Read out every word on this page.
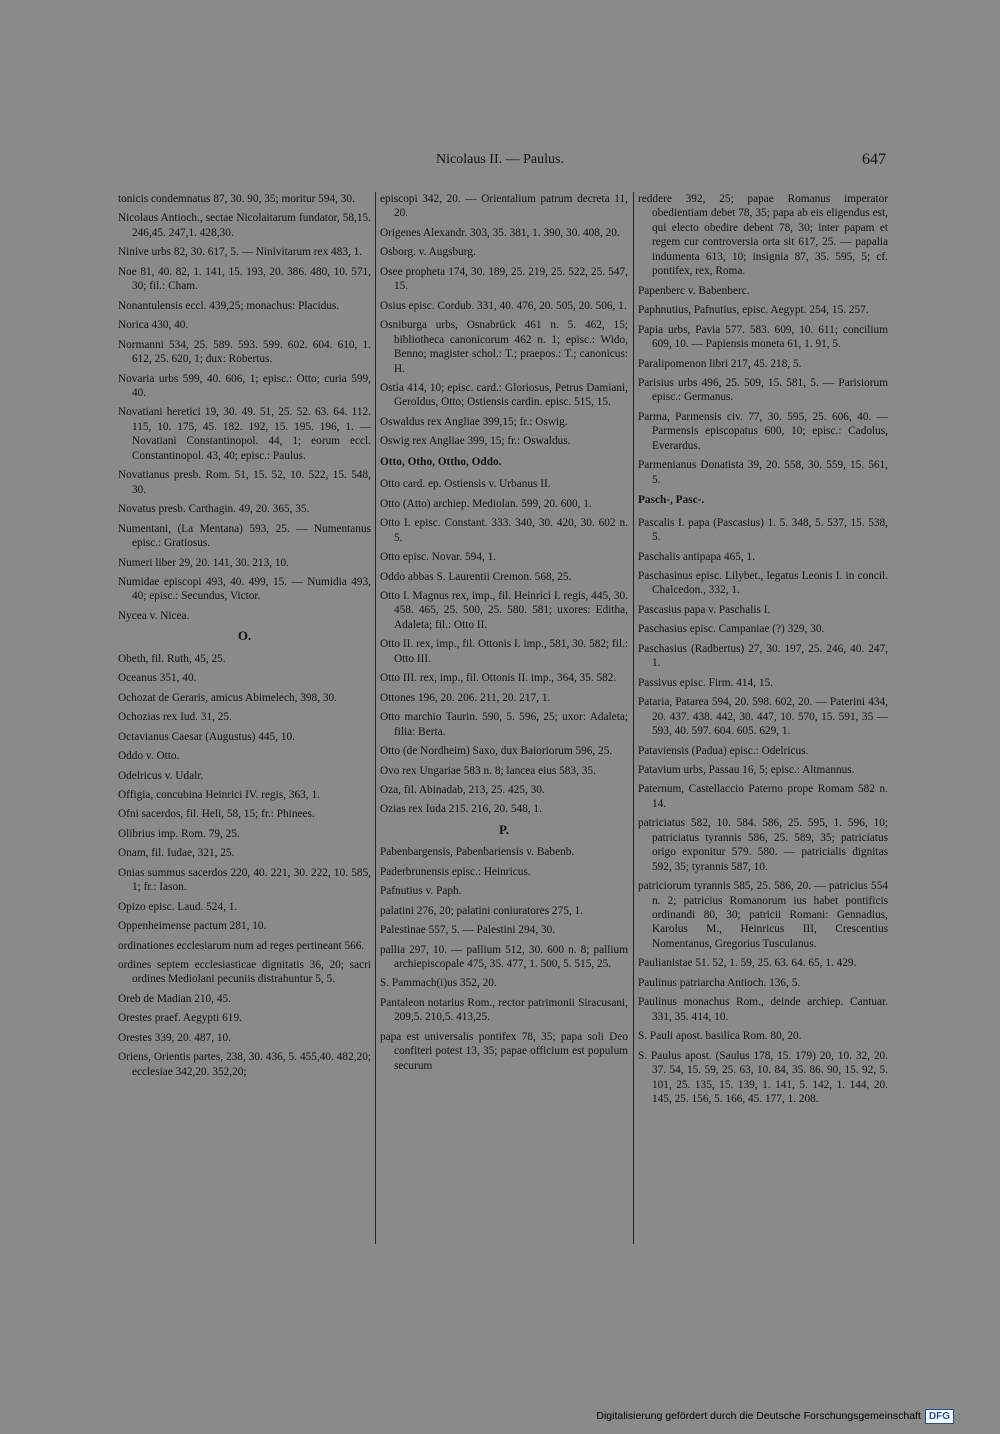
Nicolaus II. — Paulus.	647
tonicis condemnatus 87, 30. 90, 35; moritur 594, 30.
Nicolaus Antioch., sectae Nicolaitarum fundator, 58,15. 246,45. 247,1. 428,30.
Ninive urbs 82, 30. 617, 5. — Ninivitarum rex 483, 1.
Noe 81, 40. 82, 1. 141, 15. 193, 20. 386. 480, 10. 571, 30; fil.: Cham.
Nonantulensis eccl. 439,25; monachus: Placidus.
Norica 430, 40.
Normanni 534, 25. 589. 593. 599. 602. 604. 610, 1. 612, 25. 620, 1; dux: Robertus.
Novaria urbs 599, 40. 606, 1; episc.: Otto; curia 599, 40.
Novatiani heretici 19, 30. 49. 51, 25. 52. 63. 64. 112. 115, 10. 175, 45. 182. 192, 15. 195. 196, 1. — Novatiani Constantinopol. 44, 1; eorum eccl. Constantinopol. 43, 40; episc.: Paulus.
Novatianus presb. Rom. 51, 15. 52, 10. 522, 15. 548, 30.
Novatus presb. Carthagin. 49, 20. 365, 35.
Numentani, (La Mentana) 593, 25. — Numentanus episc.: Gratiosus.
Numeri liber 29, 20. 141, 30. 213, 10.
Numidae episcopi 493, 40. 499, 15. — Numidia 493, 40; episc.: Secundus, Victor.
Nycea v. Nicea.
O.
Obeth, fil. Ruth, 45, 25.
Oceanus 351, 40.
Ochozat de Geraris, amicus Abimelech, 398, 30.
Ochozias rex Iud. 31, 25.
Octavianus Caesar (Augustus) 445, 10.
Oddo v. Otto.
Odelricus v. Udalr.
Offigia, concubina Heinrici IV. regis, 363, 1.
Ofni sacerdos, fil. Heli, 58, 15; fr.: Phinees.
Olibrius imp. Rom. 79, 25.
Onam, fil. Iudae, 321, 25.
Onias summus sacerdos 220, 40. 221, 30. 222, 10. 585, 1; fr.: Iason.
Opizo episc. Laud. 524, 1.
Oppenheimense pactum 281, 10.
ordinationes ecclesiarum num ad reges pertineant 566.
ordines septem ecclesiasticae dignitatis 36, 20; sacri ordines Mediolani pecuniis distrahuntur 5, 5.
Oreb de Madian 210, 45.
Orestes praef. Aegypti 619.
Orestes 339, 20. 487, 10.
Oriens, Orientis partes, 238, 30. 436, 5. 455,40. 482,20; ecclesiae 342,20. 352,20;
episcopi 342, 20. — Orientalium patrum decreta 11, 20.
Origenes Alexandr. 303, 35. 381, 1. 390, 30. 408, 20.
Osborg. v. Augsburg.
Osee propheta 174, 30. 189, 25. 219, 25. 522, 25. 547, 15.
Osius episc. Cordub. 331, 40. 476, 20. 505, 20. 506, 1.
Osniburga urbs, Osnabrück 461 n. 5. 462, 15; bibliotheca canonicorum 462 n. 1; episc.: Wido, Benno; magister schol.: T.; praepos.: T.; canonicus: H.
Ostia 414, 10; episc. card.: Gloriosus, Petrus Damiani, Geroldus, Otto; Ostiensis cardin. episc. 515, 15.
Oswaldus rex Angliae 399,15; fr.: Oswig.
Oswig rex Angliae 399, 15; fr.: Oswaldus.
Otto, Otho, Ottho, Oddo.
Otto card. ep. Ostiensis v. Urbanus II.
Otto (Atto) archiep. Mediolan. 599, 20. 600, 1.
Otto I. episc. Constant. 333. 340, 30. 420, 30. 602 n. 5.
Otto episc. Novar. 594, 1.
Oddo abbas S. Laurentii Cremon. 568, 25.
Otto I. Magnus rex, imp., fil. Heinrici I. regis, 445, 30. 458. 465, 25. 500, 25. 580. 581; uxores: Editha, Adaleta; fil.: Otto II.
Otto II. rex, imp., fil. Ottonis I. imp., 581, 30. 582; fil.: Otto III.
Otto III. rex, imp., fil. Ottonis II. imp., 364, 35. 582.
Ottones 196, 20. 206. 211, 20. 217, 1.
Otto marchio Taurin. 590, 5. 596, 25; uxor: Adaleta; filia: Berta.
Otto (de Nordheim) Saxo, dux Baioriorum 596, 25.
Ovo rex Ungariae 583 n. 8; lancea eius 583, 35.
Oza, fil. Abinadab, 213, 25. 425, 30.
Ozias rex Iuda 215. 216, 20. 548, 1.
P.
Pabenbargensis, Pabenbariensis v. Babenb.
Paderbrunensis episc.: Heinricus.
Pafnutius v. Paph.
palatini 276, 20; palatini coniuratores 275, 1.
Palestinae 557, 5. — Palestini 294, 30.
pallia 297, 10. — pallium 512, 30. 600 n. 8; pallium archiepiscopale 475, 35. 477, 1. 500, 5. 515, 25.
S. Pammach(i)us 352, 20.
Pantaleon notarius Rom., rector patrimonii Siracusani, 209,5. 210,5. 413,25.
papa est universalis pontifex 78, 35; papa soli Deo confiteri potest 13, 35; papae officium est populum securum
reddere 392, 25; papae Romanus imperator obedientiam debet 78, 35; papa ab eis eligendus est, qui electo obedire debent 78, 30; inter papam et regem cur controversia orta sit 617, 25. — papalia indumenta 613, 10; insignia 87, 35. 595, 5; cf. pontifex, rex, Roma.
Papenberc v. Babenberc.
Paphnutius, Pafnutius, episc. Aegypt. 254, 15. 257.
Papia urbs, Pavia 577. 583. 609, 10. 611; concilium 609, 10. — Papiensis moneta 61, 1. 91, 5.
Paralipomenon libri 217, 45. 218, 5.
Parisius urbs 496, 25. 509, 15. 581, 5. — Parisiorum episc.: Germanus.
Parma, Parmensis civ. 77, 30. 595, 25. 606, 40. — Parmensis episcopatus 600, 10; episc.: Cadolus, Everardus.
Parmenianus Donatista 39, 20. 558, 30. 559, 15. 561, 5.
Pasch-, Pasc-.
Pascalis I. papa (Pascasius) 1. 5. 348, 5. 537, 15. 538, 5.
Paschalis antipapa 465, 1.
Paschasinus episc. Lilybet., legatus Leonis I. in concil. Chalcedon., 332, 1.
Pascasius papa v. Paschalis I.
Paschasius episc. Campaniae (?) 329, 30.
Paschasius (Radbertus) 27, 30. 197, 25. 246, 40. 247, 1.
Passivus episc. Firm. 414, 15.
Pataria, Patarea 594, 20. 598. 602, 20. — Paterini 434, 20. 437. 438. 442, 30. 447, 10. 570, 15. 591, 35 — 593, 40. 597. 604. 605. 629, 1.
Pataviensis (Padua) episc.: Odelricus.
Patavium urbs, Passau 16, 5; episc.: Altmannus.
Paternum, Castellaccio Paterno prope Romam 582 n. 14.
patriciatus 582, 10. 584. 586, 25. 595, 1. 596, 10; patriciatus tyrannis 586, 25. 589, 35; patriciatus origo exponitur 579. 580. — patricialis dignitas 592, 35; tyrannis 587, 10.
patriciorum tyrannis 585, 25. 586, 20. — patricius 554 n. 2; patricius Romanorum ius habet pontificis ordinandi 80, 30; patricii Romani: Gennadius, Karolus M., Heinricus III, Crescentius Nomentanus, Gregorius Tusculanus.
Paulianistae 51. 52, 1. 59, 25. 63. 64. 65, 1. 429.
Paulinus patriarcha Antioch. 136, 5.
Paulinus monachus Rom., deinde archiep. Cantuar. 331, 35. 414, 10.
S. Pauli apost. basilica Rom. 80, 20.
S. Paulus apost. (Saulus 178, 15. 179) 20, 10. 32, 20. 37. 54, 15. 59, 25. 63, 10. 84, 35. 86. 90, 15. 92, 5. 101, 25. 135, 15. 139, 1. 141, 5. 142, 1. 144, 20. 145, 25. 156, 5. 166, 45. 177, 1. 208.
Digitalisierung gefördert durch die Deutsche Forschungsgemeinschaft DFG
